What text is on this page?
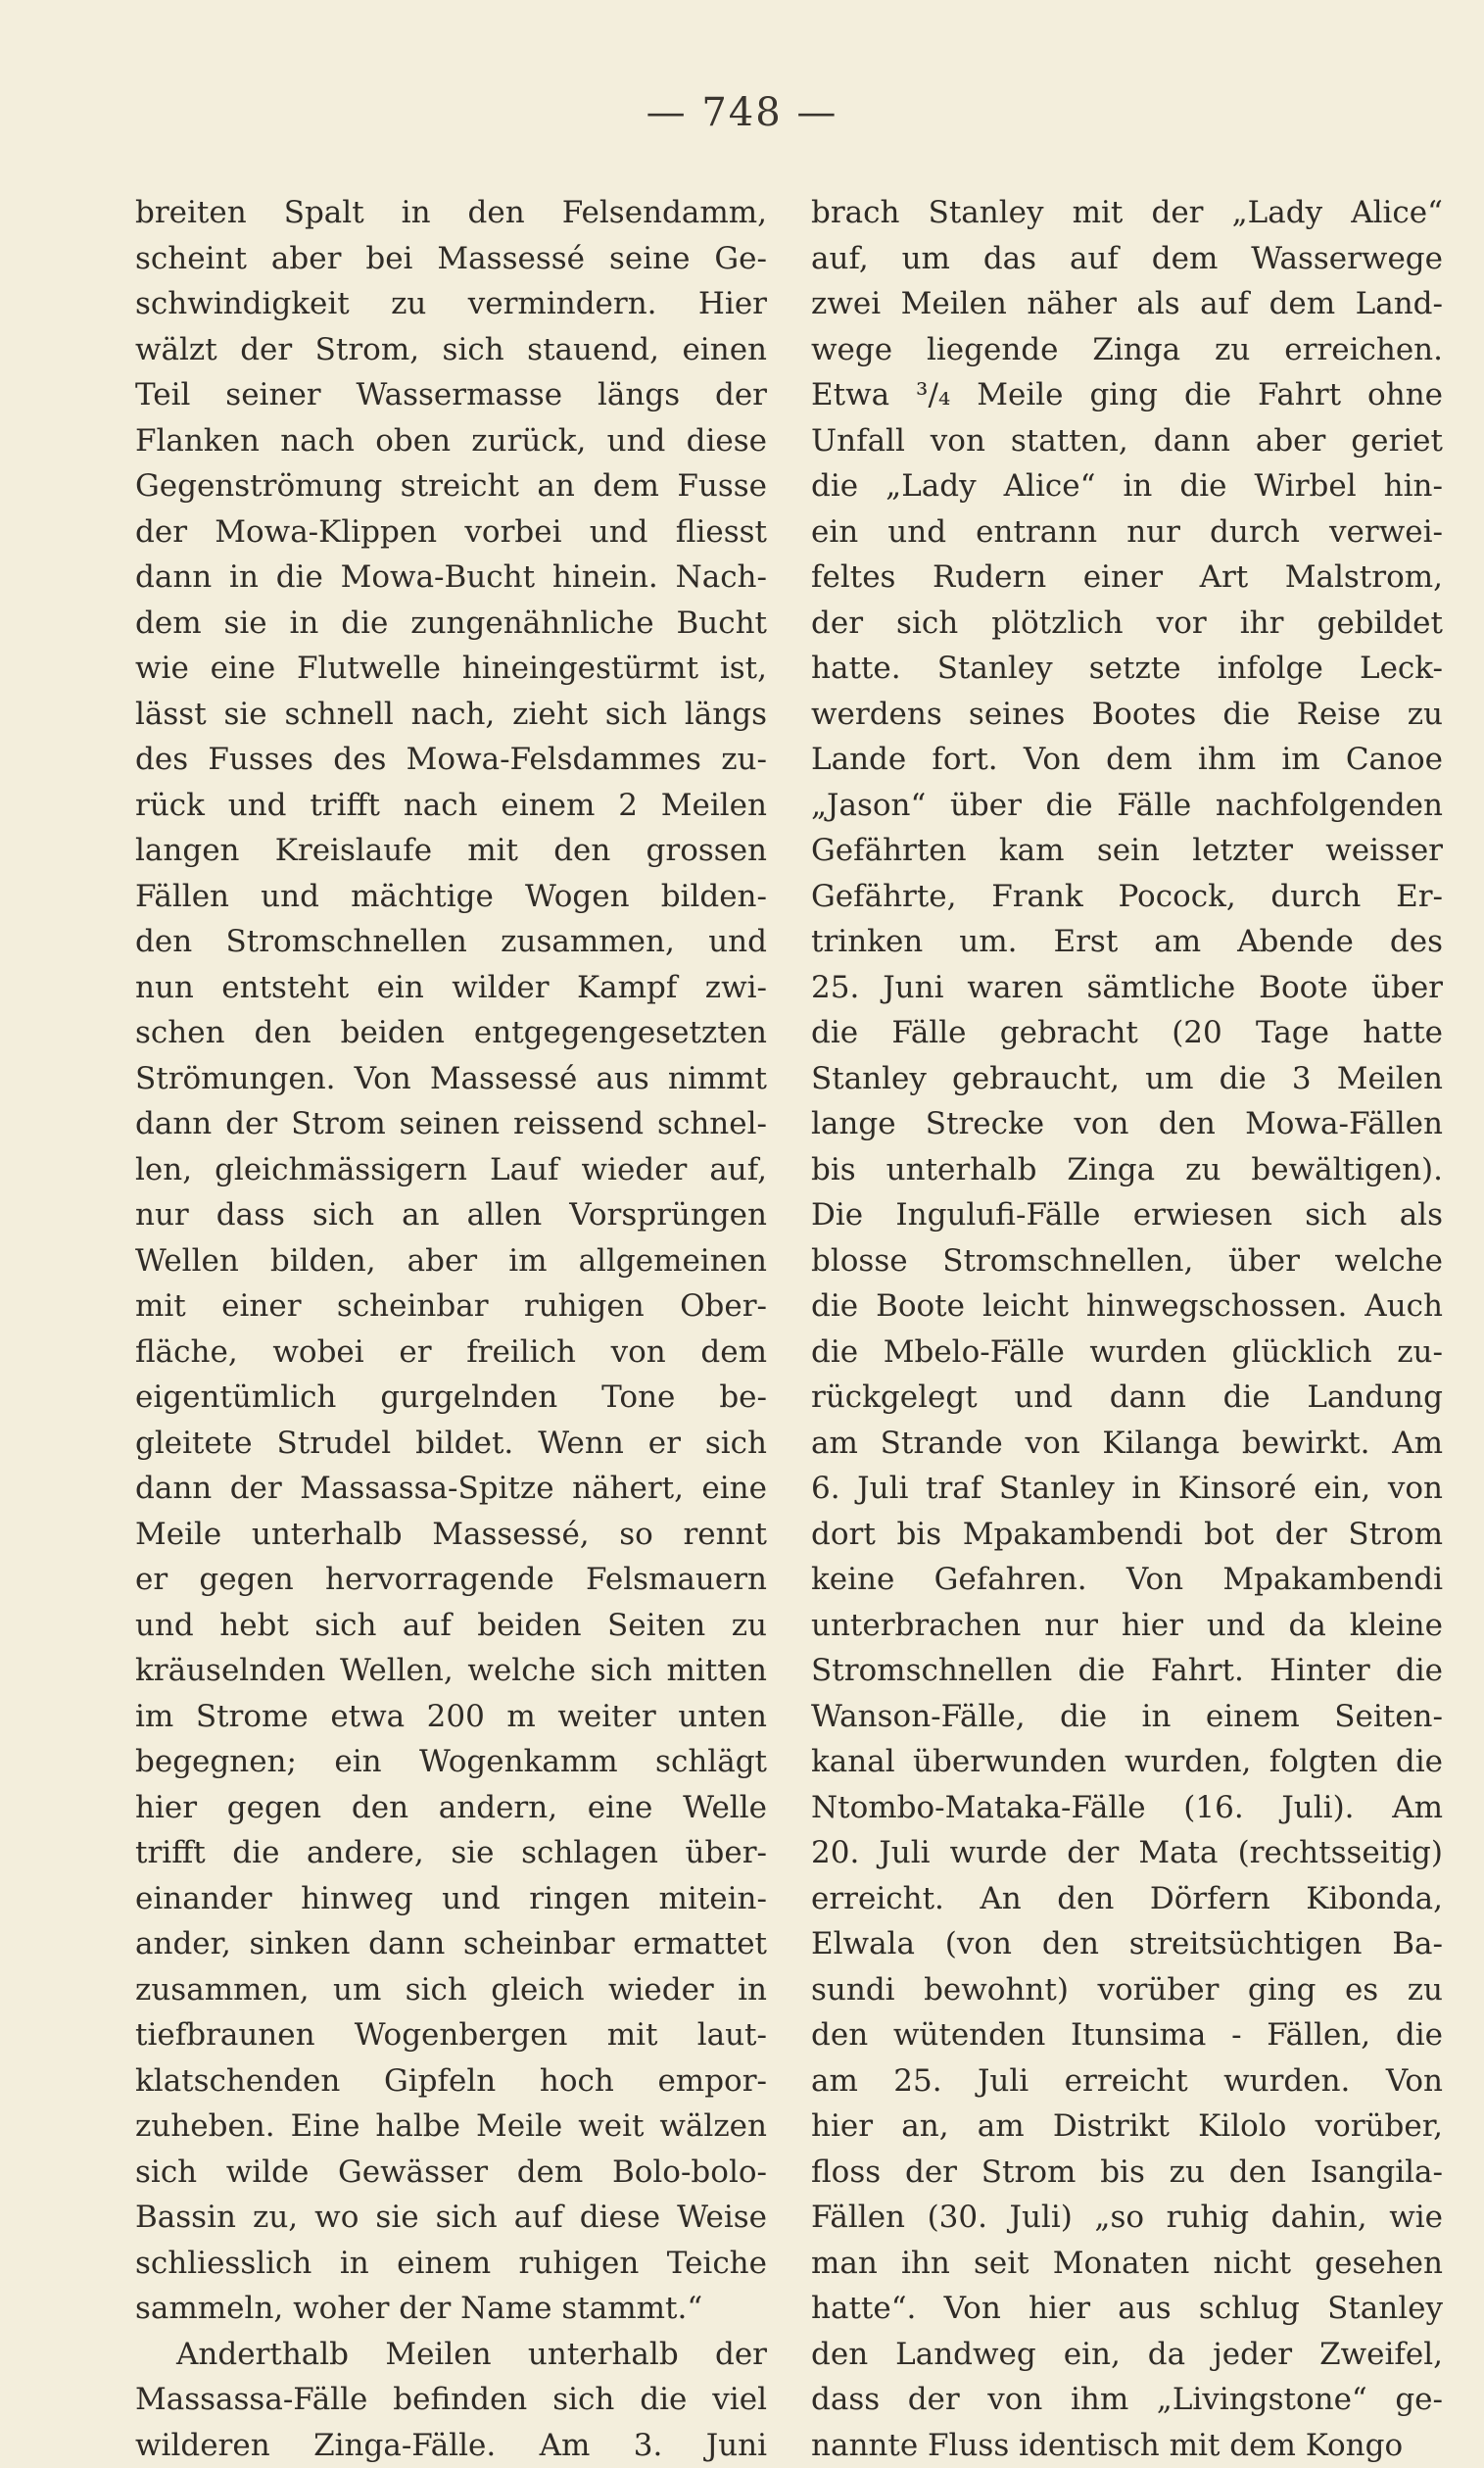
— 748 —
breiten Spalt in den Felsendamm,
scheint aber bei Massessé seine Ge-
schwindigkeit zu vermindern. Hier
wälzt der Strom, sich stauend, einen
Teil seiner Wassermasse längs der
Flanken nach oben zurück, und diese
Gegenströmung streicht an dem Fusse
der Mowa-Klippen vorbei und fliesst
dann in die Mowa-Bucht hinein. Nach-
dem sie in die zungenähnliche Bucht
wie eine Flutwelle hineingestürmt ist,
lässt sie schnell nach, zieht sich längs
des Fusses des Mowa-Felsdammes zu-
rück und trifft nach einem 2 Meilen
langen Kreislaufe mit den grossen
Fällen und mächtige Wogen bilden-
den Stromschnellen zusammen, und
nun entsteht ein wilder Kampf zwi-
schen den beiden entgegengesetzten
Strömungen. Von Massessé aus nimmt
dann der Strom seinen reissend schnel-
len, gleichmässigern Lauf wieder auf,
nur dass sich an allen Vorsprüngen
Wellen bilden, aber im allgemeinen
mit einer scheinbar ruhigen Ober-
fläche, wobei er freilich von dem
eigentümlich gurgelnden Tone be-
gleitete Strudel bildet. Wenn er sich
dann der Massassa-Spitze nähert, eine
Meile unterhalb Massessé, so rennt
er gegen hervorragende Felsmauern
und hebt sich auf beiden Seiten zu
kräuselnden Wellen, welche sich mitten
im Strome etwa 200 m weiter unten
begegnen; ein Wogenkamm schlägt
hier gegen den andern, eine Welle
trifft die andere, sie schlagen über-
einander hinweg und ringen mitein-
ander, sinken dann scheinbar ermattet
zusammen, um sich gleich wieder in
tiefbraunen Wogenbergen mit laut-
klatschenden Gipfeln hoch empor-
zuheben. Eine halbe Meile weit wälzen
sich wilde Gewässer dem Bolo-bolo-
Bassin zu, wo sie sich auf diese Weise
schliesslich in einem ruhigen Teiche
sammeln, woher der Name stammt.“
Anderthalb Meilen unterhalb der
Massassa-Fälle befinden sich die viel
wilderen Zinga-Fälle. Am 3. Juni
brach Stanley mit der „Lady Alice“
auf, um das auf dem Wasserwege
zwei Meilen näher als auf dem Land-
wege liegende Zinga zu erreichen.
Etwa ³/₄ Meile ging die Fahrt ohne
Unfall von statten, dann aber geriet
die „Lady Alice“ in die Wirbel hin-
ein und entrann nur durch verwei-
feltes Rudern einer Art Malstrom,
der sich plötzlich vor ihr gebildet
hatte. Stanley setzte infolge Leck-
werdens seines Bootes die Reise zu
Lande fort. Von dem ihm im Canoe
„Jason“ über die Fälle nachfolgenden
Gefährten kam sein letzter weisser
Gefährte, Frank Pocock, durch Er-
trinken um. Erst am Abende des
25. Juni waren sämtliche Boote über
die Fälle gebracht (20 Tage hatte
Stanley gebraucht, um die 3 Meilen
lange Strecke von den Mowa-Fällen
bis unterhalb Zinga zu bewältigen).
Die Ingulufi-Fälle erwiesen sich als
blosse Stromschnellen, über welche
die Boote leicht hinwegschossen. Auch
die Mbelo-Fälle wurden glücklich zu-
rückgelegt und dann die Landung
am Strande von Kilanga bewirkt. Am
6. Juli traf Stanley in Kinsoré ein, von
dort bis Mpakambendi bot der Strom
keine Gefahren. Von Mpakambendi
unterbrachen nur hier und da kleine
Stromschnellen die Fahrt. Hinter die
Wanson-Fälle, die in einem Seiten-
kanal überwunden wurden, folgten die
Ntombo-Mataka-Fälle (16. Juli). Am
20. Juli wurde der Mata (rechtsseitig)
erreicht. An den Dörfern Kibonda,
Elwala (von den streitsüchtigen Ba-
sundi bewohnt) vorüber ging es zu
den wütenden Itunsima - Fällen, die
am 25. Juli erreicht wurden. Von
hier an, am Distrikt Kilolo vorüber,
floss der Strom bis zu den Isangila-
Fällen (30. Juli) „so ruhig dahin, wie
man ihn seit Monaten nicht gesehen
hatte“. Von hier aus schlug Stanley
den Landweg ein, da jeder Zweifel,
dass der von ihm „Livingstone“ ge-
nannte Fluss identisch mit dem Kongo
